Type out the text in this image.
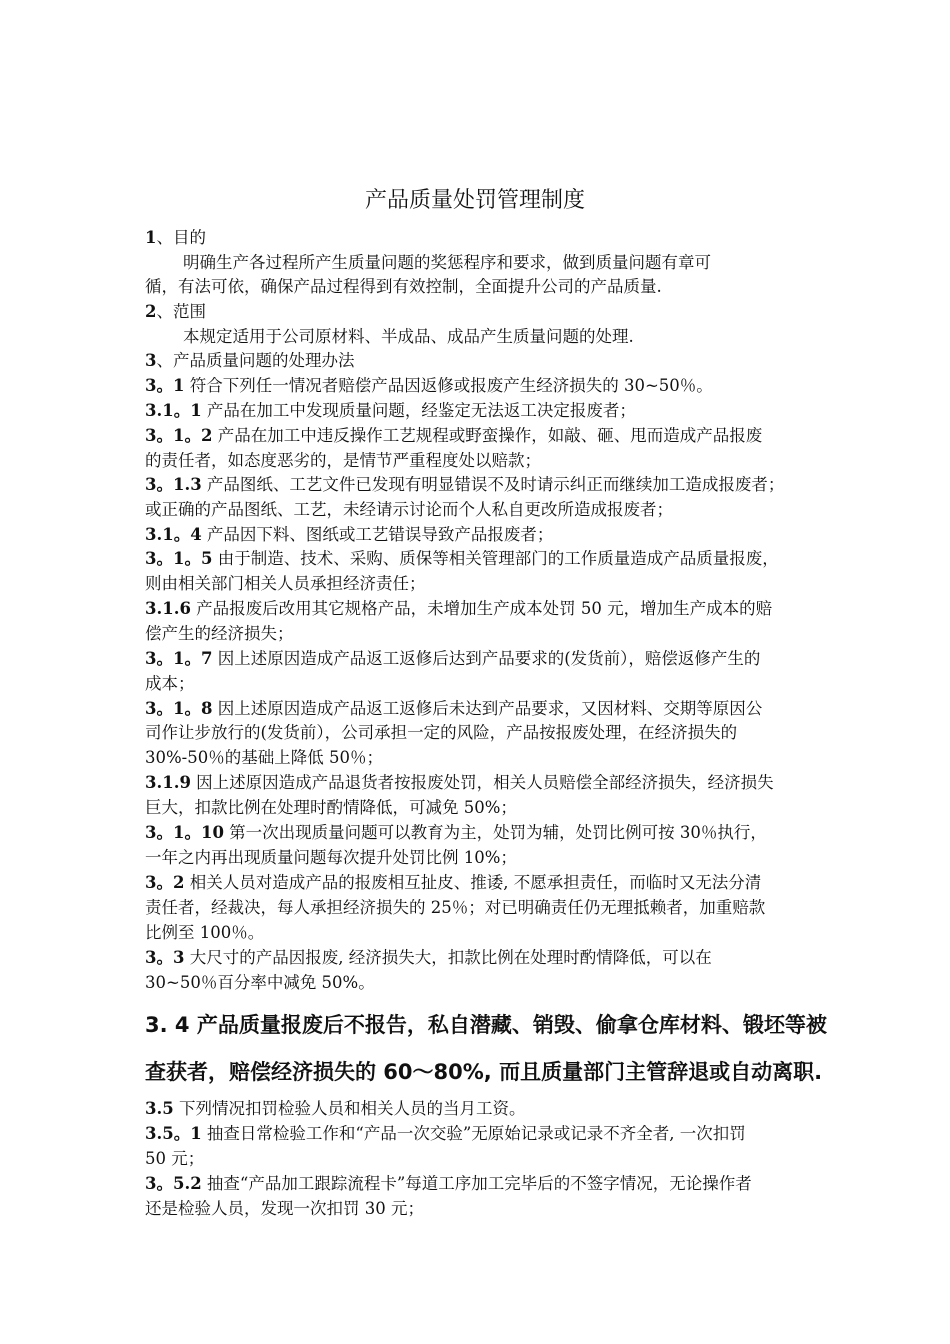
产品质量处罚管理制度
1、目的
明确生产各过程所产生质量问题的奖惩程序和要求，做到质量问题有章可
循，有法可依，确保产品过程得到有效控制，全面提升公司的产品质量.
2、范围
本规定适用于公司原材料、半成品、成品产生质量问题的处理.
3、产品质量问题的处理办法
3。1 符合下列任一情况者赔偿产品因返修或报废产生经济损失的 30~50％。
3.1。1 产品在加工中发现质量问题，经鉴定无法返工决定报废者；
3。1。2 产品在加工中违反操作工艺规程或野蛮操作，如敲、砸、甩而造成产品报废
的责任者，如态度恶劣的，是情节严重程度处以赔款；
3。1.3 产品图纸、工艺文件已发现有明显错误不及时请示纠正而继续加工造成报废者；
或正确的产品图纸、工艺，未经请示讨论而个人私自更改所造成报废者；
3.1。4 产品因下料、图纸或工艺错误导致产品报废者；
3。1。5 由于制造、技术、采购、质保等相关管理部门的工作质量造成产品质量报废，
则由相关部门相关人员承担经济责任；
3.1.6 产品报废后改用其它规格产品，未增加生产成本处罚 50 元，增加生产成本的赔
偿产生的经济损失；
3。1。7 因上述原因造成产品返工返修后达到产品要求的(发货前），赔偿返修产生的
成本；
3。1。8 因上述原因造成产品返工返修后未达到产品要求，又因材料、交期等原因公
司作让步放行的(发货前），公司承担一定的风险，产品按报废处理，在经济损失的
30%-50％的基础上降低 50％；
3.1.9 因上述原因造成产品退货者按报废处罚，相关人员赔偿全部经济损失，经济损失
巨大，扣款比例在处理时酌情降低，可减免 50%；
3。1。10 第一次出现质量问题可以教育为主，处罚为辅，处罚比例可按 30％执行，
一年之内再出现质量问题每次提升处罚比例 10%；
3。2 相关人员对造成产品的报废相互扯皮、推诿, 不愿承担责任，而临时又无法分清
责任者，经裁决，每人承担经济损失的 25％；对已明确责任仍无理抵赖者，加重赔款
比例至 100％。
3。3 大尺寸的产品因报废, 经济损失大，扣款比例在处理时酌情降低，可以在
30~50％百分率中减免 50%。
3. 4 产品质量报废后不报告，私自潜藏、销毁、偷拿仓库材料、锻坯等被
查获者，赔偿经济损失的 60～80%, 而且质量部门主管辞退或自动离职.
3.5 下列情况扣罚检验人员和相关人员的当月工资。
3.5。1 抽查日常检验工作和“产品一次交验”无原始记录或记录不齐全者, 一次扣罚
50 元；
3。5.2 抽查“产品加工跟踪流程卡”每道工序加工完毕后的不签字情况，无论操作者
还是检验人员，发现一次扣罚 30 元；
